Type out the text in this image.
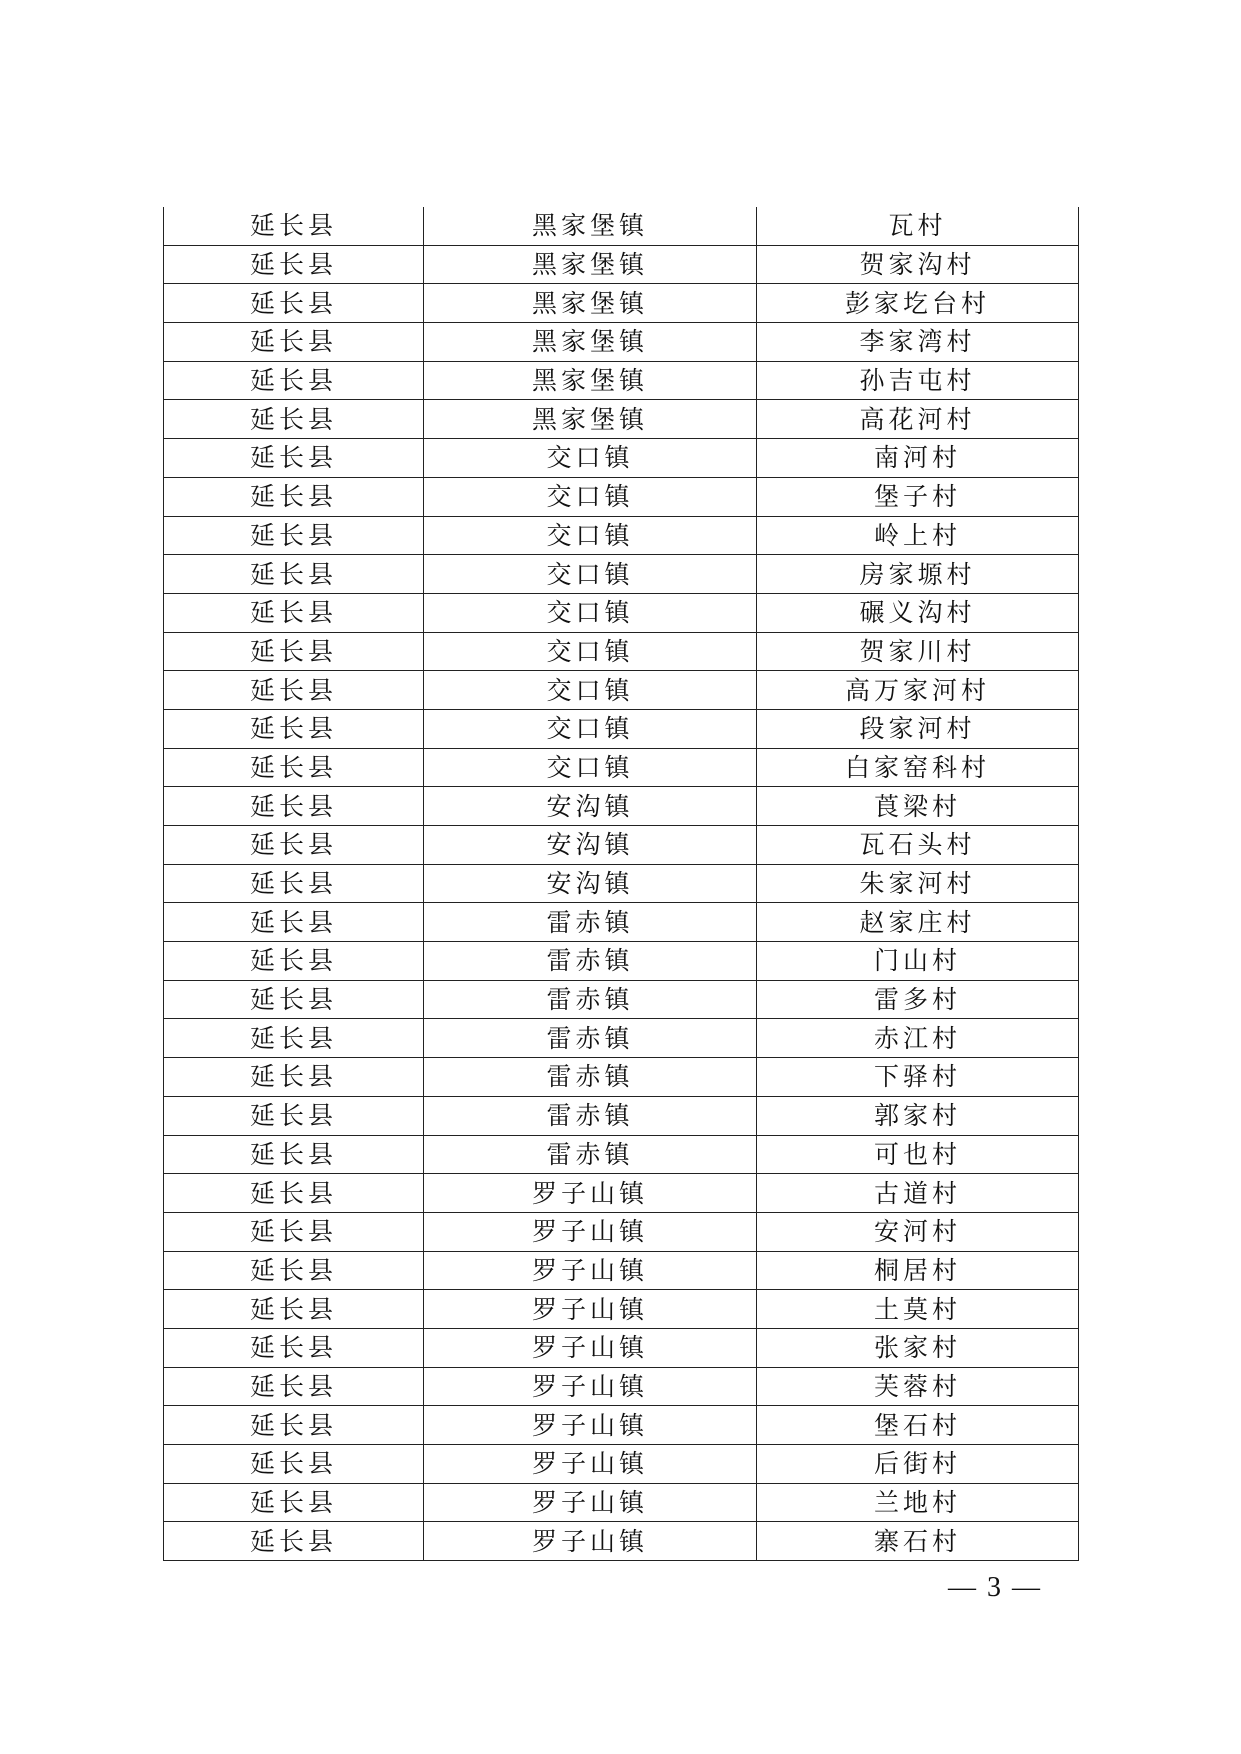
延长县	黑家堡镇	瓦村
延长县	黑家堡镇	贺家沟村
延长县	黑家堡镇	彭家圪台村
延长县	黑家堡镇	李家湾村
延长县	黑家堡镇	孙吉屯村
延长县	黑家堡镇	高花河村
延长县	交口镇	南河村
延长县	交口镇	堡子村
延长县	交口镇	岭上村
延长县	交口镇	房家塬村
延长县	交口镇	碾义沟村
延长县	交口镇	贺家川村
延长县	交口镇	高万家河村
延长县	交口镇	段家河村
延长县	交口镇	白家窑科村
延长县	安沟镇	莨梁村
延长县	安沟镇	瓦石头村
延长县	安沟镇	朱家河村
延长县	雷赤镇	赵家庄村
延长县	雷赤镇	门山村
延长县	雷赤镇	雷多村
延长县	雷赤镇	赤江村
延长县	雷赤镇	下驿村
延长县	雷赤镇	郭家村
延长县	雷赤镇	可也村
延长县	罗子山镇	古道村
延长县	罗子山镇	安河村
延长县	罗子山镇	桐居村
延长县	罗子山镇	土莫村
延长县	罗子山镇	张家村
延长县	罗子山镇	芙蓉村
延长县	罗子山镇	堡石村
延长县	罗子山镇	后街村
延长县	罗子山镇	兰地村
延长县	罗子山镇	寨石村
— 3 —
